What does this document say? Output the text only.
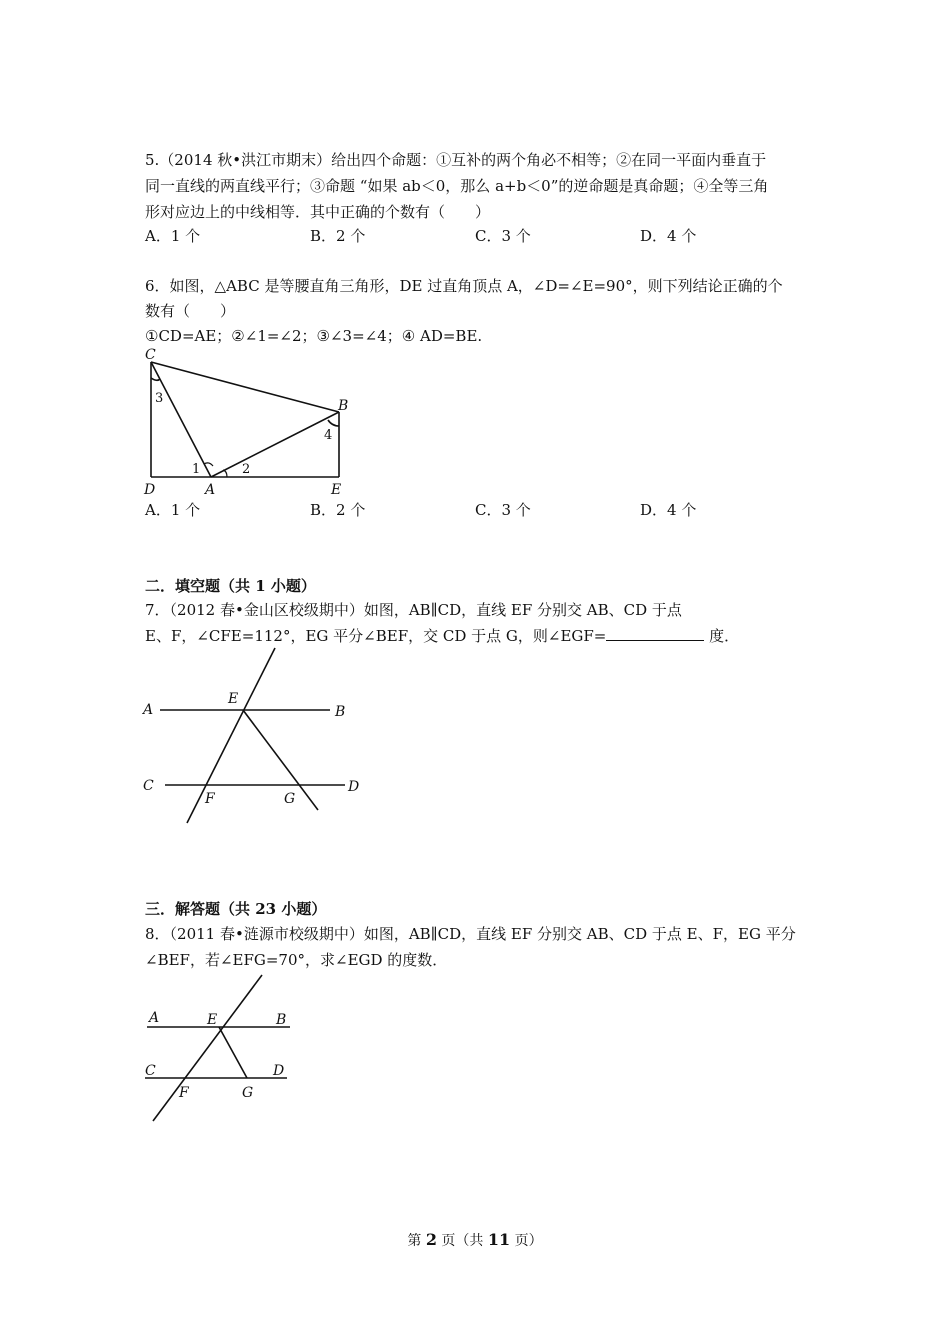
5.（2014 秋•洪江市期末）给出四个命题：①互补的两个角必不相等；②在同一平面内垂直于
同一直线的两直线平行；③命题 “如果 ab＜0，那么 a+b＜0”的逆命题是真命题；④全等三角
形对应边上的中线相等．其中正确的个数有（　　）
A．1 个	B．2 个	C．3 个	D．4 个
6．如图，△ABC 是等腰直角三角形，DE 过直角顶点 A，∠D=∠E=90°，则下列结论正确的个
数有（　　）
①CD=AE；②∠1=∠2；③∠3=∠4；④ AD=BE.
C
B
D	A	E
1	2
3
4
A．1 个	B．2 个	C．3 个	D．4 个
二．填空题（共 1 小题）
7．（2012 春•金山区校级期中）如图，AB∥CD，直线 EF 分别交 AB、CD 于点
E、F，∠CFE=112°，EG 平分∠BEF，交 CD 于点 G，则∠EGF=	度．
A
E
B
C
F	G
D
三．解答题（共 23 小题）
8．（2011 春•涟源市校级期中）如图，AB∥CD，直线 EF 分别交 AB、CD 于点 E、F，EG 平分
∠BEF，若∠EFG=70°，求∠EGD 的度数．
A	E	B
C
F	G
D
第 2 页（共 11 页）
